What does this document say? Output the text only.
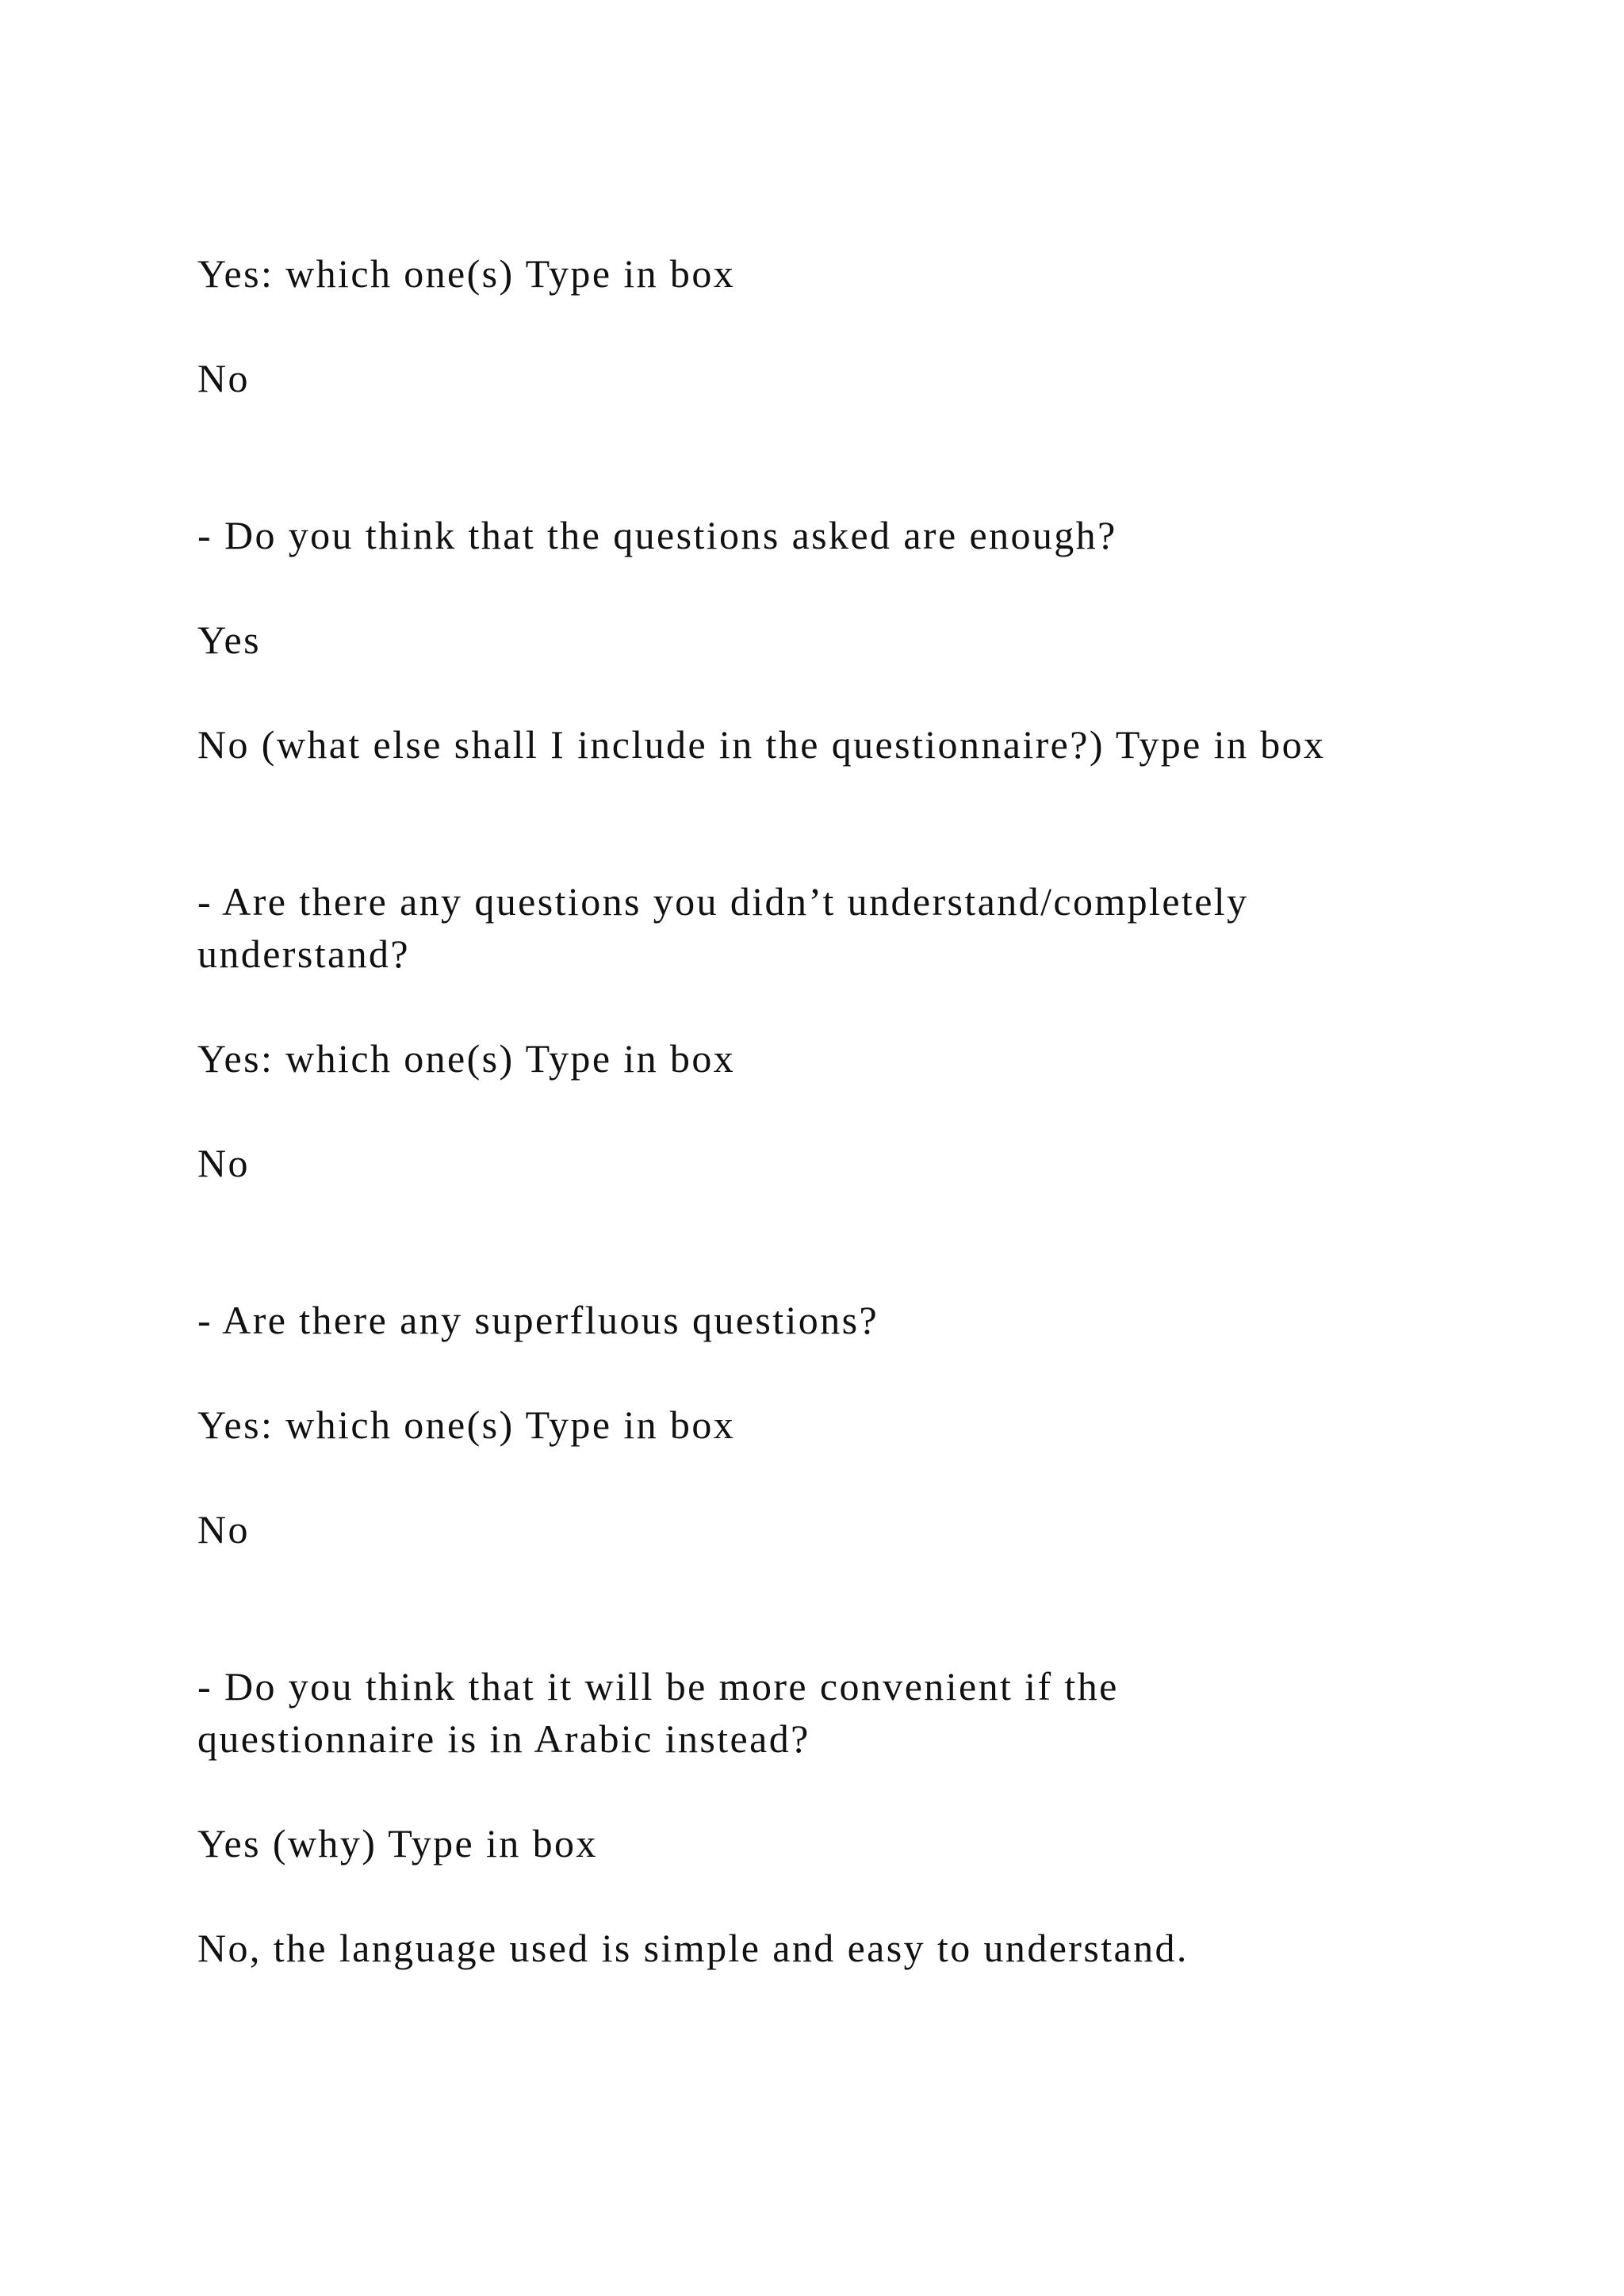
Yes: which one(s) Type in box

No

- Do you think that the questions asked are enough?

Yes

No (what else shall I include in the questionnaire?) Type in box

- Are there any questions you didn’t understand/completely

understand?

Yes: which one(s) Type in box

No

- Are there any superfluous questions?

Yes: which one(s) Type in box

No

- Do you think that it will be more convenient if the

questionnaire is in Arabic instead?

Yes (why) Type in box

No, the language used is simple and easy to understand.
